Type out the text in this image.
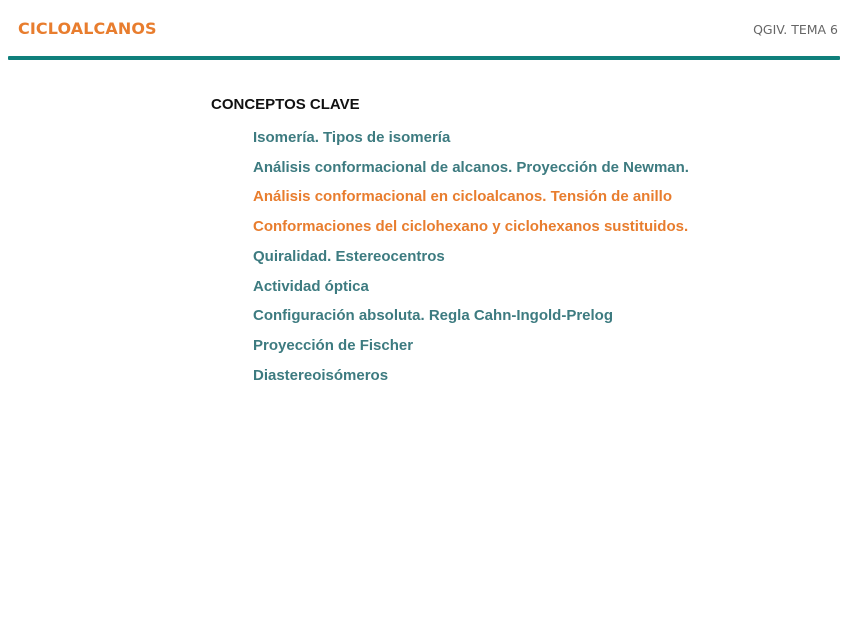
CICLOALCANOS	QGIV. TEMA 6
CONCEPTOS CLAVE
Isomería. Tipos de isomería
Análisis conformacional de alcanos. Proyección de Newman.
Análisis conformacional en cicloalcanos. Tensión de anillo
Conformaciones del ciclohexano y ciclohexanos sustituidos.
Quiralidad. Estereocentros
Actividad óptica
Configuración absoluta. Regla Cahn-Ingold-Prelog
Proyección de Fischer
Diastereoisómeros
